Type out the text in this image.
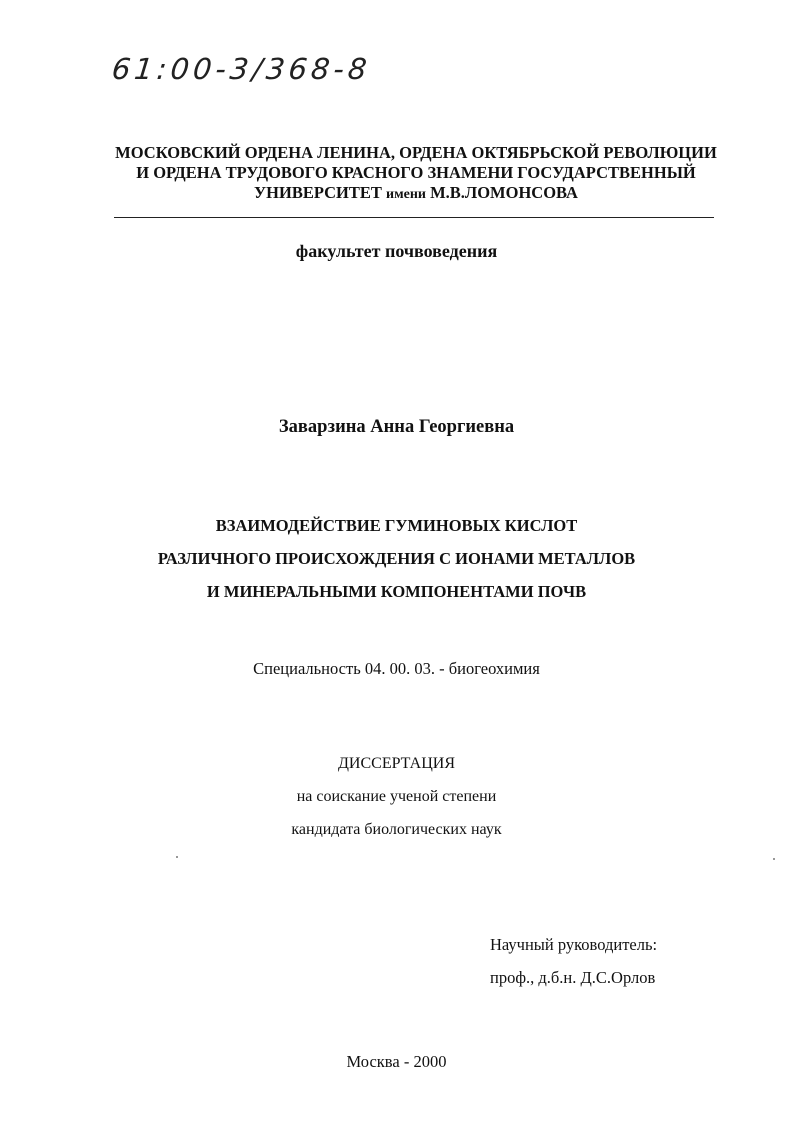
61:00-3/368-8
МОСКОВСКИЙ ОРДЕНА ЛЕНИНА, ОРДЕНА ОКТЯБРЬСКОЙ РЕВОЛЮЦИИ
И ОРДЕНА ТРУДОВОГО КРАСНОГО ЗНАМЕНИ ГОСУДАРСТВЕННЫЙ
УНИВЕРСИТЕТ имени М.В.ЛОМОНСОВА
факультет почвоведения
Заварзина Анна Георгиевна
ВЗАИМОДЕЙСТВИЕ ГУМИНОВЫХ КИСЛОТ
РАЗЛИЧНОГО ПРОИСХОЖДЕНИЯ С ИОНАМИ МЕТАЛЛОВ
И МИНЕРАЛЬНЫМИ КОМПОНЕНТАМИ ПОЧВ
Специальность 04. 00. 03. - биогеохимия
ДИССЕРТАЦИЯ
на соискание ученой степени
кандидата биологических наук
Научный руководитель:
проф., д.б.н. Д.С.Орлов
Москва - 2000
